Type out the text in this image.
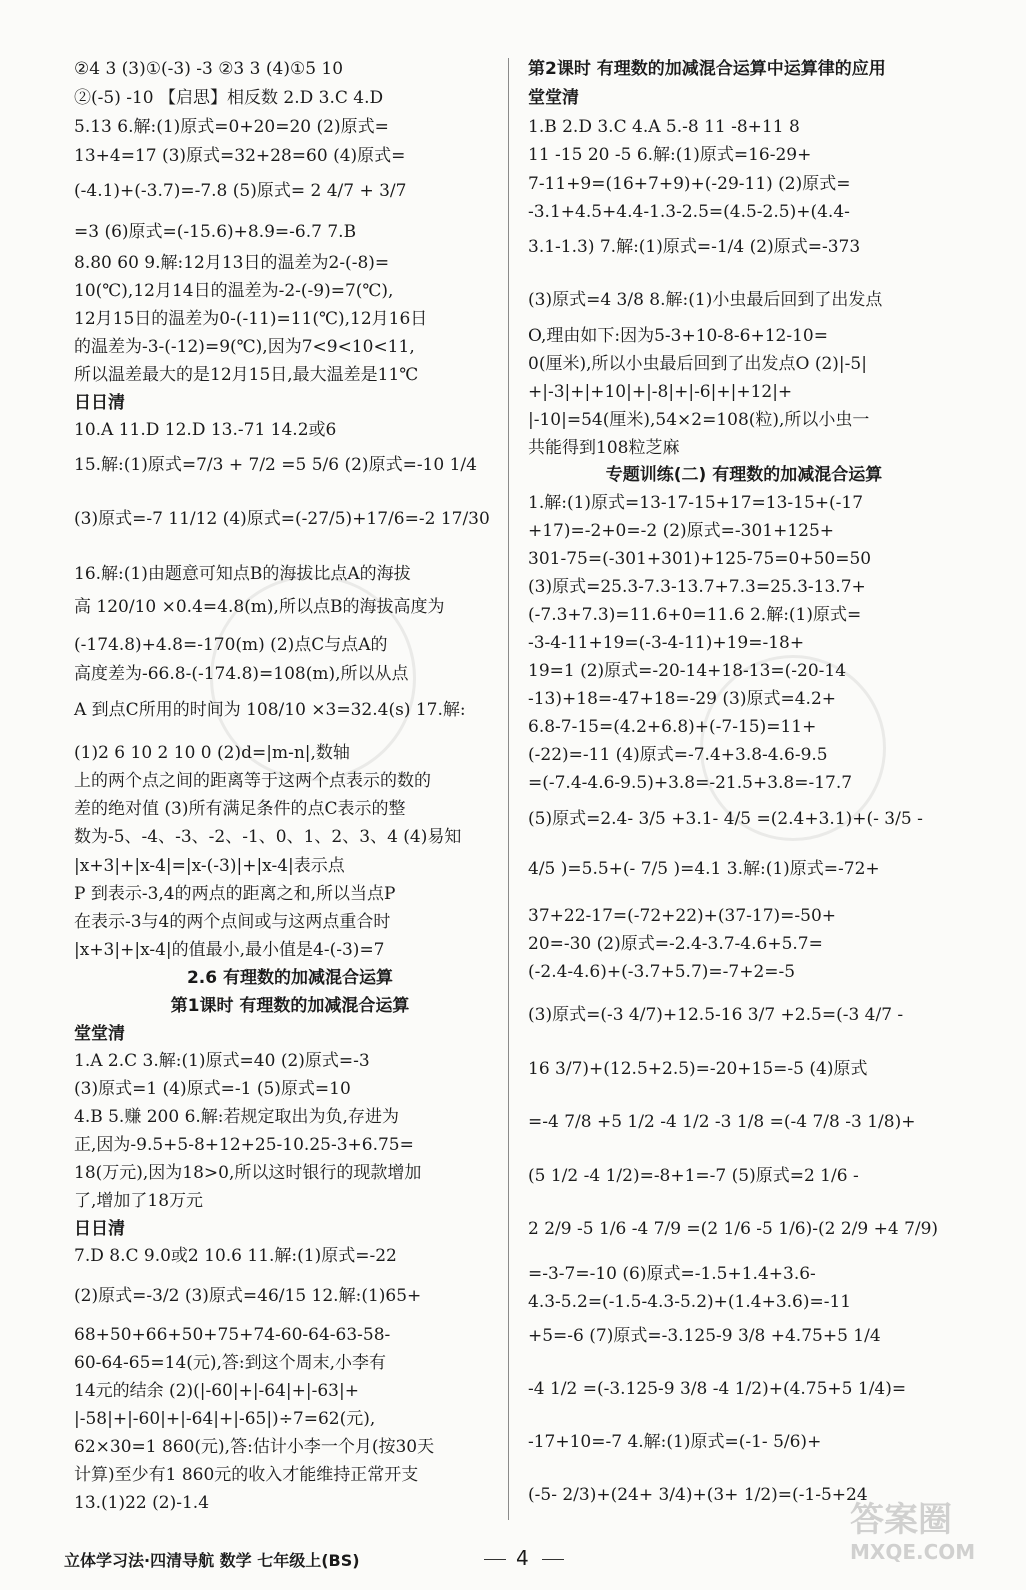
②4 3 (3)①(-3) -3 ②3 3 (4)①5 10
②(-5) -10 【启思】相反数 2.D 3.C 4.D
5.13 6.解:(1)原式=0+20=20 (2)原式=
13+4=17 (3)原式=32+28=60 (4)原式=
(-4.1)+(-3.7)=-7.8 (5)原式= 2 4/7 + 3/7
=3 (6)原式=(-15.6)+8.9=-6.7 7.B
8.80 60 9.解:12月13日的温差为2-(-8)=
10(℃),12月14日的温差为-2-(-9)=7(℃),
12月15日的温差为0-(-11)=11(℃),12月16日
的温差为-3-(-12)=9(℃),因为7<9<10<11,
所以温差最大的是12月15日,最大温差是11℃
日日清
10.A 11.D 12.D 13.-71 14.2或6
15.解:(1)原式=7/3 + 7/2 =5 5/6 (2)原式=-10 1/4
(3)原式=-7 11/12 (4)原式=(-27/5)+17/6=-2 17/30
16.解:(1)由题意可知点B的海拔比点A的海拔
高 120/10 ×0.4=4.8(m),所以点B的海拔高度为
(-174.8)+4.8=-170(m) (2)点C与点A的
高度差为-66.8-(-174.8)=108(m),所以从点
A 到点C所用的时间为 108/10 ×3=32.4(s) 17.解:
(1)2 6 10 2 10 0 (2)d=|m-n|,数轴
上的两个点之间的距离等于这两个点表示的数的
差的绝对值 (3)所有满足条件的点C表示的整
数为-5、-4、-3、-2、-1、0、1、2、3、4 (4)易知
|x+3|+|x-4|=|x-(-3)|+|x-4|表示点
P 到表示-3,4的两点的距离之和,所以当点P
在表示-3与4的两个点间或与这两点重合时
|x+3|+|x-4|的值最小,最小值是4-(-3)=7
堂堂清
1.A 2.C 3.解:(1)原式=40 (2)原式=-3
(3)原式=1 (4)原式=-1 (5)原式=10
4.B 5.赚 200 6.解:若规定取出为负,存进为
正,因为-9.5+5-8+12+25-10.25-3+6.75=
18(万元),因为18>0,所以这时银行的现款增加
了,增加了18万元
日日清
7.D 8.C 9.0或2 10.6 11.解:(1)原式=-22
(2)原式=-3/2 (3)原式=46/15 12.解:(1)65+
68+50+66+50+75+74-60-64-63-58-
60-64-65=14(元),答:到这个周末,小李有
14元的结余 (2)(|-60|+|-64|+|-63|+
|-58|+|-60|+|-64|+|-65|)÷7=62(元),
62×30=1 860(元),答:估计小李一个月(按30天
计算)至少有1 860元的收入才能维持正常开支
13.(1)22 (2)-1.4
2.6 有理数的加减混合运算
第1课时 有理数的加减混合运算
第2课时 有理数的加减混合运算中运算律的应用
堂堂清
1.B 2.D 3.C 4.A 5.-8 11 -8+11 8
11 -15 20 -5 6.解:(1)原式=16-29+
7-11+9=(16+7+9)+(-29-11) (2)原式=
-3.1+4.5+4.4-1.3-2.5=(4.5-2.5)+(4.4-
3.1-1.3) 7.解:(1)原式=-1/4 (2)原式=-373
(3)原式=4 3/8 8.解:(1)小虫最后回到了出发点
O,理由如下:因为5-3+10-8-6+12-10=
0(厘米),所以小虫最后回到了出发点O (2)|-5|
+|-3|+|+10|+|-8|+|-6|+|+12|+
|-10|=54(厘米),54×2=108(粒),所以小虫一
共能得到108粒芝麻
1.解:(1)原式=13-17-15+17=13-15+(-17
+17)=-2+0=-2 (2)原式=-301+125+
301-75=(-301+301)+125-75=0+50=50
(3)原式=25.3-7.3-13.7+7.3=25.3-13.7+
(-7.3+7.3)=11.6+0=11.6 2.解:(1)原式=
-3-4-11+19=(-3-4-11)+19=-18+
19=1 (2)原式=-20-14+18-13=(-20-14
-13)+18=-47+18=-29 (3)原式=4.2+
6.8-7-15=(4.2+6.8)+(-7-15)=11+
(-22)=-11 (4)原式=-7.4+3.8-4.6-9.5
=(-7.4-4.6-9.5)+3.8=-21.5+3.8=-17.7
(5)原式=2.4- 3/5 +3.1- 4/5 =(2.4+3.1)+(- 3/5 -
4/5 )=5.5+(- 7/5 )=4.1 3.解:(1)原式=-72+
37+22-17=(-72+22)+(37-17)=-50+
20=-30 (2)原式=-2.4-3.7-4.6+5.7=
(-2.4-4.6)+(-3.7+5.7)=-7+2=-5
(3)原式=(-3 4/7)+12.5-16 3/7 +2.5=(-3 4/7 -
16 3/7)+(12.5+2.5)=-20+15=-5 (4)原式
=-4 7/8 +5 1/2 -4 1/2 -3 1/8 =(-4 7/8 -3 1/8)+
(5 1/2 -4 1/2)=-8+1=-7 (5)原式=2 1/6 -
2 2/9 -5 1/6 -4 7/9 =(2 1/6 -5 1/6)-(2 2/9 +4 7/9)
=-3-7=-10 (6)原式=-1.5+1.4+3.6-
4.3-5.2=(-1.5-4.3-5.2)+(1.4+3.6)=-11
+5=-6 (7)原式=-3.125-9 3/8 +4.75+5 1/4
-4 1/2 =(-3.125-9 3/8 -4 1/2)+(4.75+5 1/4)=
-17+10=-7 4.解:(1)原式=(-1- 5/6)+
(-5- 2/3)+(24+ 3/4)+(3+ 1/2)=(-1-5+24
专题训练(二) 有理数的加减混合运算
立体学习法·四清导航 数学 七年级上(BS)	4
答案圈
MXQE.COM
